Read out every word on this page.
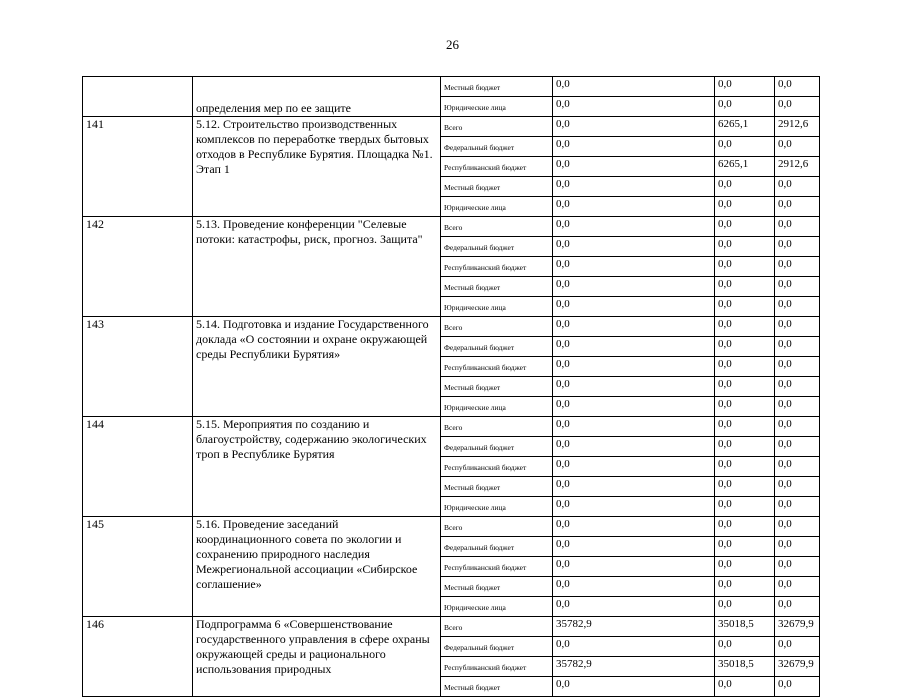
26
	определения мер по ее защите	Местный бюджет	0,0	0,0	0,0
		Юридические лица	0,0	0,0	0,0
141	5.12. Строительство производственных комплексов по переработке твердых бытовых отходов в Республике Бурятия. Площадка №1. Этап 1	Всего	0,0	6265,1	2912,6
		Федеральный бюджет	0,0	0,0	0,0
		Республиканский бюджет	0,0	6265,1	2912,6
		Местный бюджет	0,0	0,0	0,0
		Юридические лица	0,0	0,0	0,0
142	5.13. Проведение конференции "Селевые потоки: катастрофы, риск, прогноз. Защита"	Всего	0,0	0,0	0,0
		Федеральный бюджет	0,0	0,0	0,0
		Республиканский бюджет	0,0	0,0	0,0
		Местный бюджет	0,0	0,0	0,0
		Юридические лица	0,0	0,0	0,0
143	5.14. Подготовка и издание Государственного доклада «О состоянии и охране окружающей среды Республики Бурятия»	Всего	0,0	0,0	0,0
		Федеральный бюджет	0,0	0,0	0,0
		Республиканский бюджет	0,0	0,0	0,0
		Местный бюджет	0,0	0,0	0,0
		Юридические лица	0,0	0,0	0,0
144	5.15. Мероприятия по созданию и благоустройству, содержанию экологических троп в Республике Бурятия	Всего	0,0	0,0	0,0
		Федеральный бюджет	0,0	0,0	0,0
		Республиканский бюджет	0,0	0,0	0,0
		Местный бюджет	0,0	0,0	0,0
		Юридические лица	0,0	0,0	0,0
145	5.16. Проведение заседаний координационного совета по экологии и сохранению природного наследия Межрегиональной ассоциации «Сибирское соглашение»	Всего	0,0	0,0	0,0
		Федеральный бюджет	0,0	0,0	0,0
		Республиканский бюджет	0,0	0,0	0,0
		Местный бюджет	0,0	0,0	0,0
		Юридические лица	0,0	0,0	0,0
146	Подпрограмма 6 «Совершенствование государственного управления в сфере охраны окружающей среды и рационального использования природных	Всего	35782,9	35018,5	32679,9
		Федеральный бюджет	0,0	0,0	0,0
		Республиканский бюджет	35782,9	35018,5	32679,9
		Местный бюджет	0,0	0,0	0,0
